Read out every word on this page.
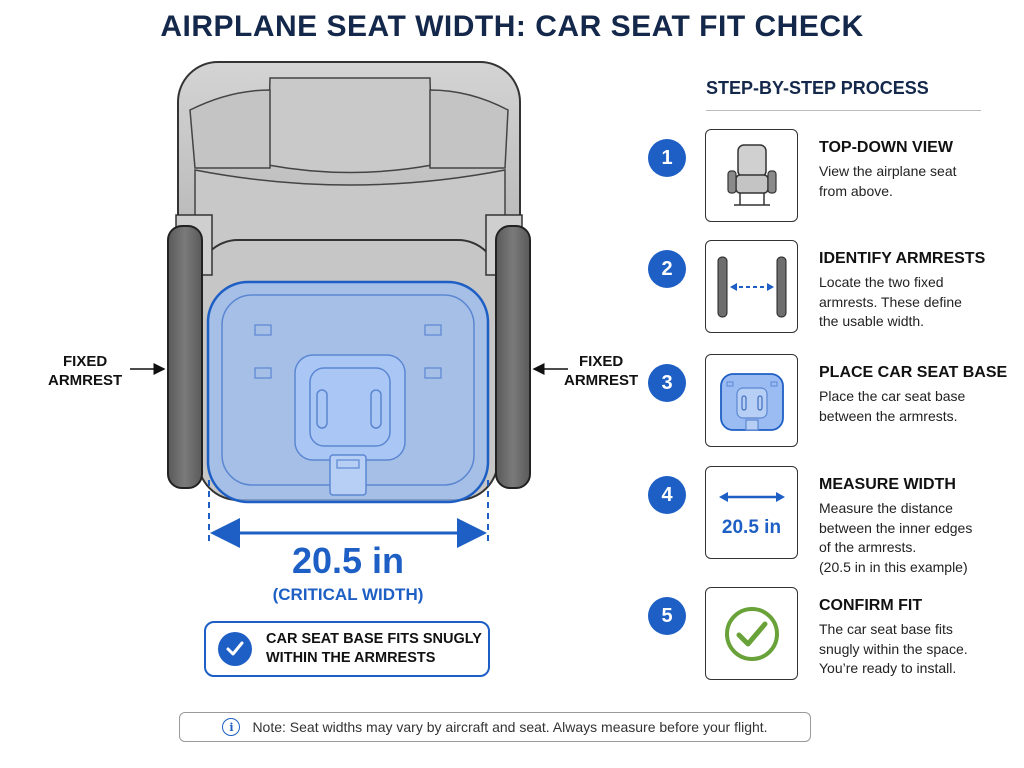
AIRPLANE SEAT WIDTH: CAR SEAT FIT CHECK
FIXED
ARMREST
FIXED
ARMREST
20.5 in
(CRITICAL WIDTH)
CAR SEAT BASE FITS SNUGLY WITHIN THE ARMRESTS
STEP-BY-STEP PROCESS
1	TOP-DOWN VIEW
View the airplane seat
from above.
2	IDENTIFY ARMRESTS
Locate the two fixed
armrests. These define
the usable width.
3	PLACE CAR SEAT BASE
Place the car seat base
between the armrests.
4
20.5 in
MEASURE WIDTH
Measure the distance
between the inner edges
of the armrests.
(20.5 in in this example)
5	CONFIRM FIT
The car seat base fits
snugly within the space.
You’re ready to install.
i	Note: Seat widths may vary by aircraft and seat. Always measure before your flight.
